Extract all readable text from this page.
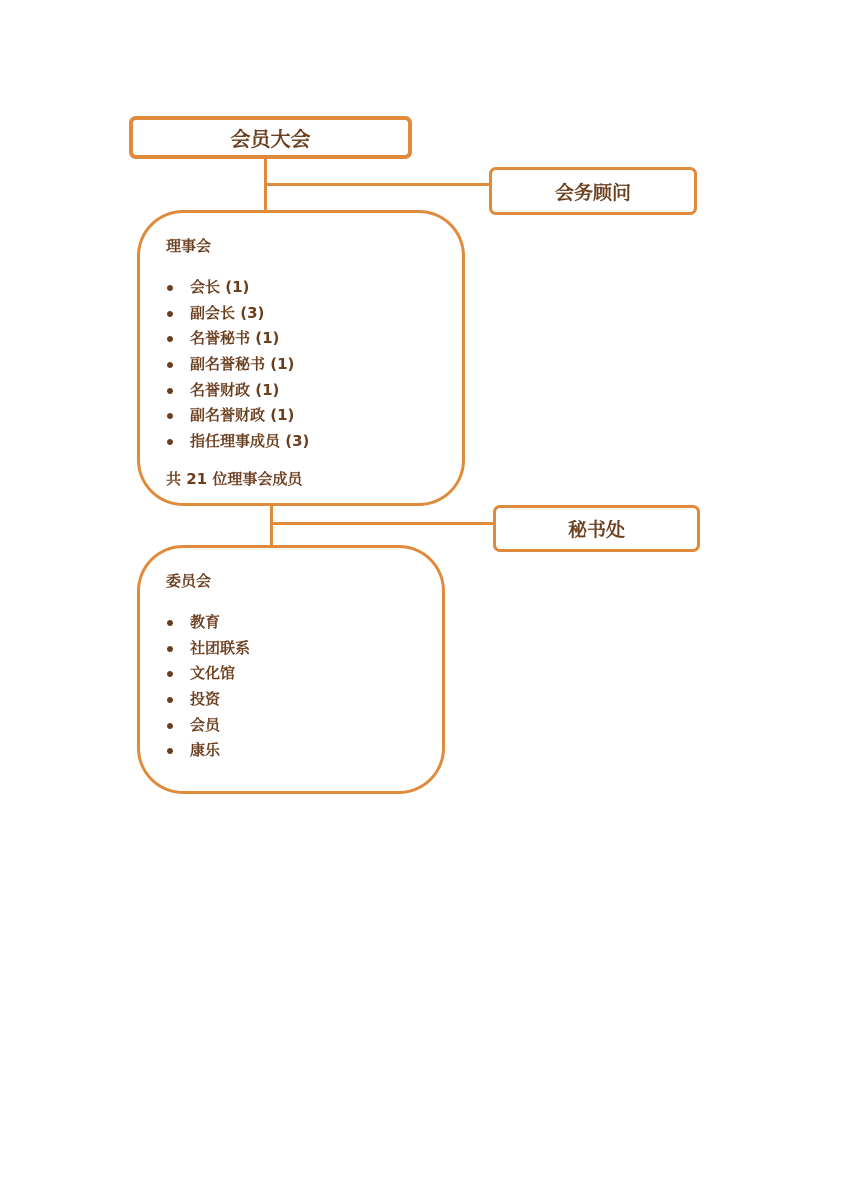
会员大会
会务顾问
理事会
会长 (1)
副会长 (3)
名誉秘书 (1)
副名誉秘书 (1)
名誉财政 (1)
副名誉财政 (1)
指任理事成员 (3)
共 21 位理事会成员
秘书处
委员会
教育
社团联系
文化馆
投资
会员
康乐
